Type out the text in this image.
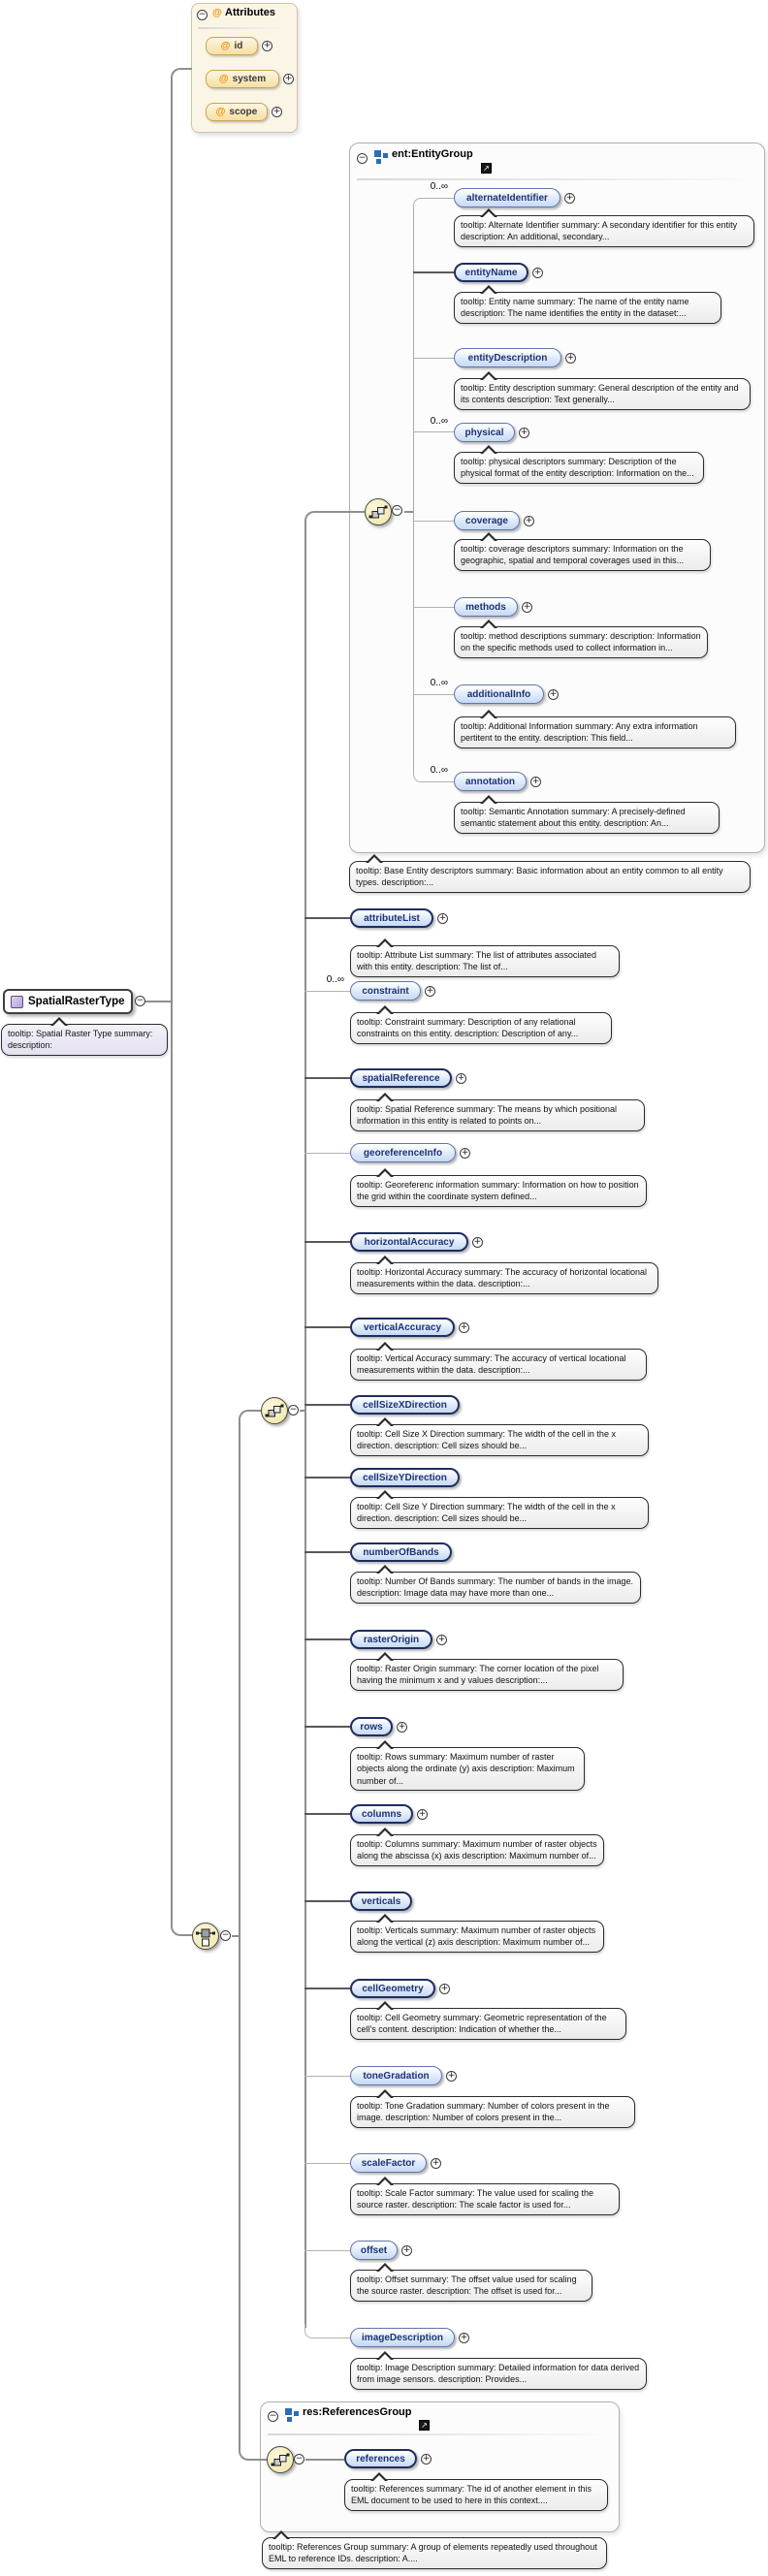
− @ Attributes
@ id +
@ system +
@ scope +
SpatialRasterType −
tooltip: Spatial Raster Type summary: description:
− ent:EntityGroup
↗
−
0..∞
alternateIdentifier	+
tooltip: Alternate Identifier summary: A secondary identifier for this entity description: An additional, secondary...
entityName	+
tooltip: Entity name summary: The name of the entity name description: The name identifies the entity in the dataset:...
entityDescription	+
tooltip: Entity description summary: General description of the entity and its contents description: Text generally...
0..∞
physical	+
tooltip: physical descriptors summary: Description of the physical format of the entity description: Information on the...
coverage	+
tooltip: coverage descriptors summary: Information on the geographic, spatial and temporal coverages used in this...
methods	+
tooltip: method descriptions summary: description: Information on the specific methods used to collect information in...
0..∞
additionalInfo	+
tooltip: Additional Information summary: Any extra information pertitent to the entity. description: This field...
0..∞
annotation	+
tooltip: Semantic Annotation summary: A precisely-defined semantic statement about this entity. description: An...
tooltip: Base Entity descriptors summary: Basic information about an entity common to all entity types. description:...
attributeList	+
tooltip: Attribute List summary: The list of attributes associated with this entity. description: The list of...
0..∞
constraint	+
tooltip: Constraint summary: Description of any relational constraints on this entity. description: Description of any...
spatialReference	+
tooltip: Spatial Reference summary: The means by which positional information in this entity is related to points on...
georeferenceInfo	+
tooltip: Georeferenc information summary: Information on how to position the grid within the coordinate system defined...
horizontalAccuracy	+
tooltip: Horizontal Accuracy summary: The accuracy of horizontal locational measurements within the data. description:...
verticalAccuracy	+
tooltip: Vertical Accuracy summary: The accuracy of vertical locational measurements within the data. description:...
cellSizeXDirection
tooltip: Cell Size X Direction summary: The width of the cell in the x direction. description: Cell sizes should be...
cellSizeYDirection
tooltip: Cell Size Y Direction summary: The width of the cell in the x direction. description: Cell sizes should be...
numberOfBands
tooltip: Number Of Bands summary: The number of bands in the image. description: Image data may have more than one...
rasterOrigin	+
tooltip: Raster Origin summary: The corner location of the pixel having the minimum x and y values description:...
rows	+
tooltip: Rows summary: Maximum number of raster objects along the ordinate (y) axis description: Maximum number of...
columns	+
tooltip: Columns summary: Maximum number of raster objects along the abscissa (x) axis description: Maximum number of...
verticals
tooltip: Verticals summary: Maximum number of raster objects along the vertical (z) axis description: Maximum number of...
cellGeometry	+
tooltip: Cell Geometry summary: Geometric representation of the cell's content. description: Indication of whether the...
toneGradation	+
tooltip: Tone Gradation summary: Number of colors present in the image. description: Number of colors present in the...
scaleFactor	+
tooltip: Scale Factor summary: The value used for scaling the source raster. description: The scale factor is used for...
offset	+
tooltip: Offset summary: The offset value used for scaling the source raster. description: The offset is used for...
imageDescription	+
tooltip: Image Description summary: Detailed information for data derived from image sensors. description: Provides...
−
−
− res:ReferencesGroup
↗
−	references	+
tooltip: References summary: The id of another element in this EML document to be used to here in this context....
tooltip: References Group summary: A group of elements repeatedly used throughout EML to reference IDs. description: A....
